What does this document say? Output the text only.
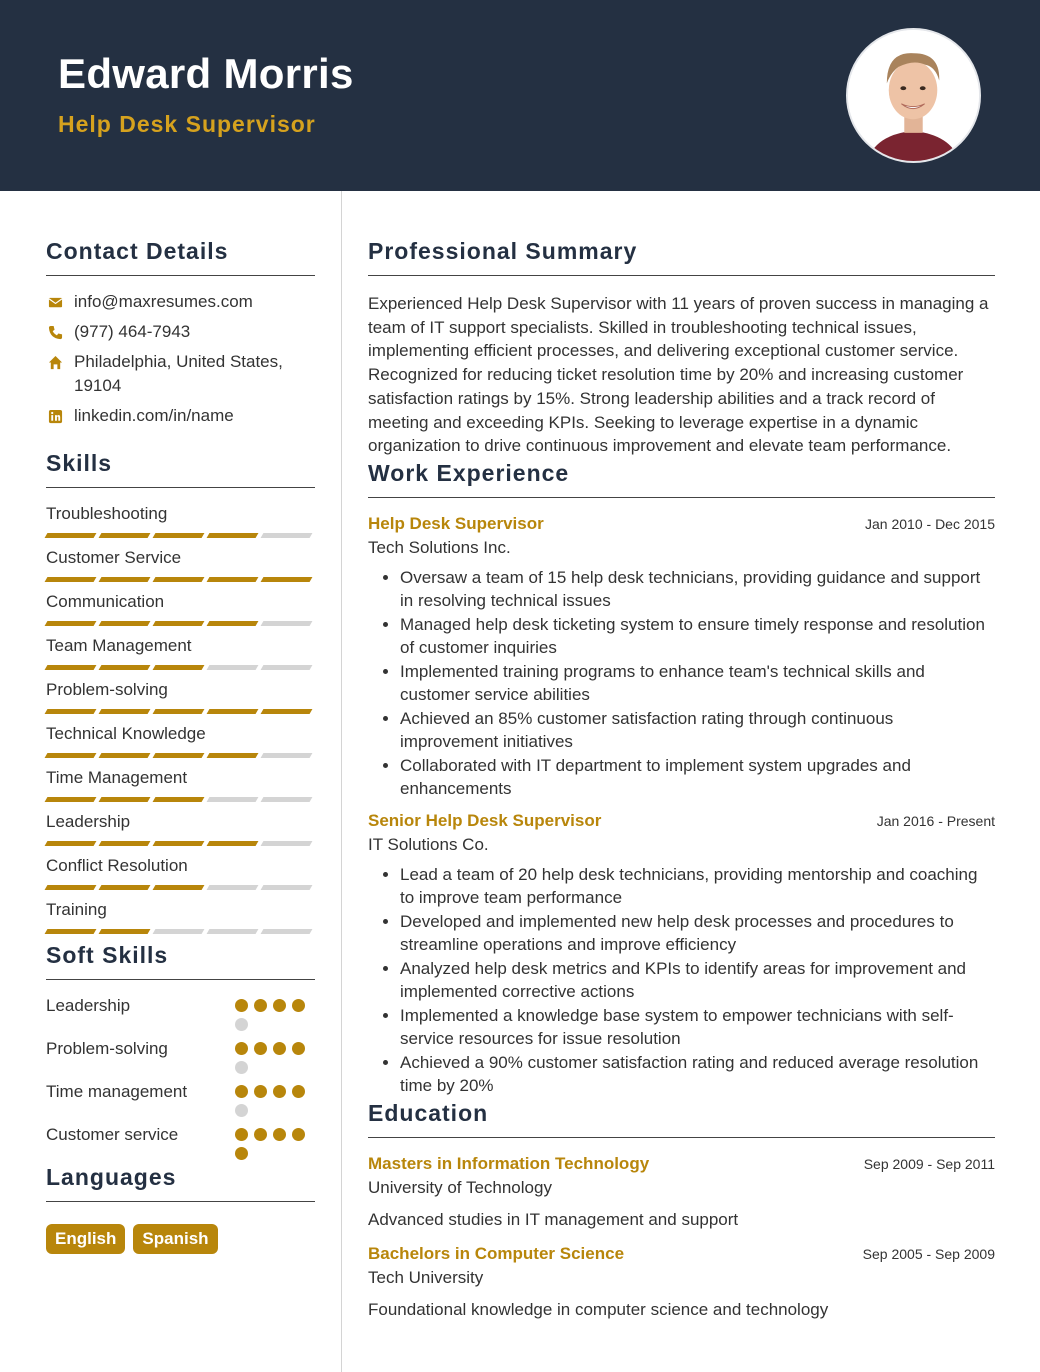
Edward Morris
Help Desk Supervisor
Contact Details
info@maxresumes.com
(977) 464-7943
Philadelphia, United States, 19104
linkedin.com/in/name
Skills
Troubleshooting
Customer Service
Communication
Team Management
Problem-solving
Technical Knowledge
Time Management
Leadership
Conflict Resolution
Training
Soft Skills
Leadership
Problem-solving
Time management
Customer service
Languages
English	Spanish
Professional Summary
Experienced Help Desk Supervisor with 11 years of proven success in managing a team of IT support specialists. Skilled in troubleshooting technical issues, implementing efficient processes, and delivering exceptional customer service. Recognized for reducing ticket resolution time by 20% and increasing customer satisfaction ratings by 15%. Strong leadership abilities and a track record of meeting and exceeding KPIs. Seeking to leverage expertise in a dynamic organization to drive continuous improvement and elevate team performance.
Work Experience
Help Desk Supervisor	Jan 2010 - Dec 2015
Tech Solutions Inc.
• Oversaw a team of 15 help desk technicians, providing guidance and support in resolving technical issues
• Managed help desk ticketing system to ensure timely response and resolution of customer inquiries
• Implemented training programs to enhance team's technical skills and customer service abilities
• Achieved an 85% customer satisfaction rating through continuous improvement initiatives
• Collaborated with IT department to implement system upgrades and enhancements
Senior Help Desk Supervisor	Jan 2016 - Present
IT Solutions Co.
• Lead a team of 20 help desk technicians, providing mentorship and coaching to improve team performance
• Developed and implemented new help desk processes and procedures to streamline operations and improve efficiency
• Analyzed help desk metrics and KPIs to identify areas for improvement and implemented corrective actions
• Implemented a knowledge base system to empower technicians with self-service resources for issue resolution
• Achieved a 90% customer satisfaction rating and reduced average resolution time by 20%
Education
Masters in Information Technology	Sep 2009 - Sep 2011
University of Technology
Advanced studies in IT management and support
Bachelors in Computer Science	Sep 2005 - Sep 2009
Tech University
Foundational knowledge in computer science and technology
